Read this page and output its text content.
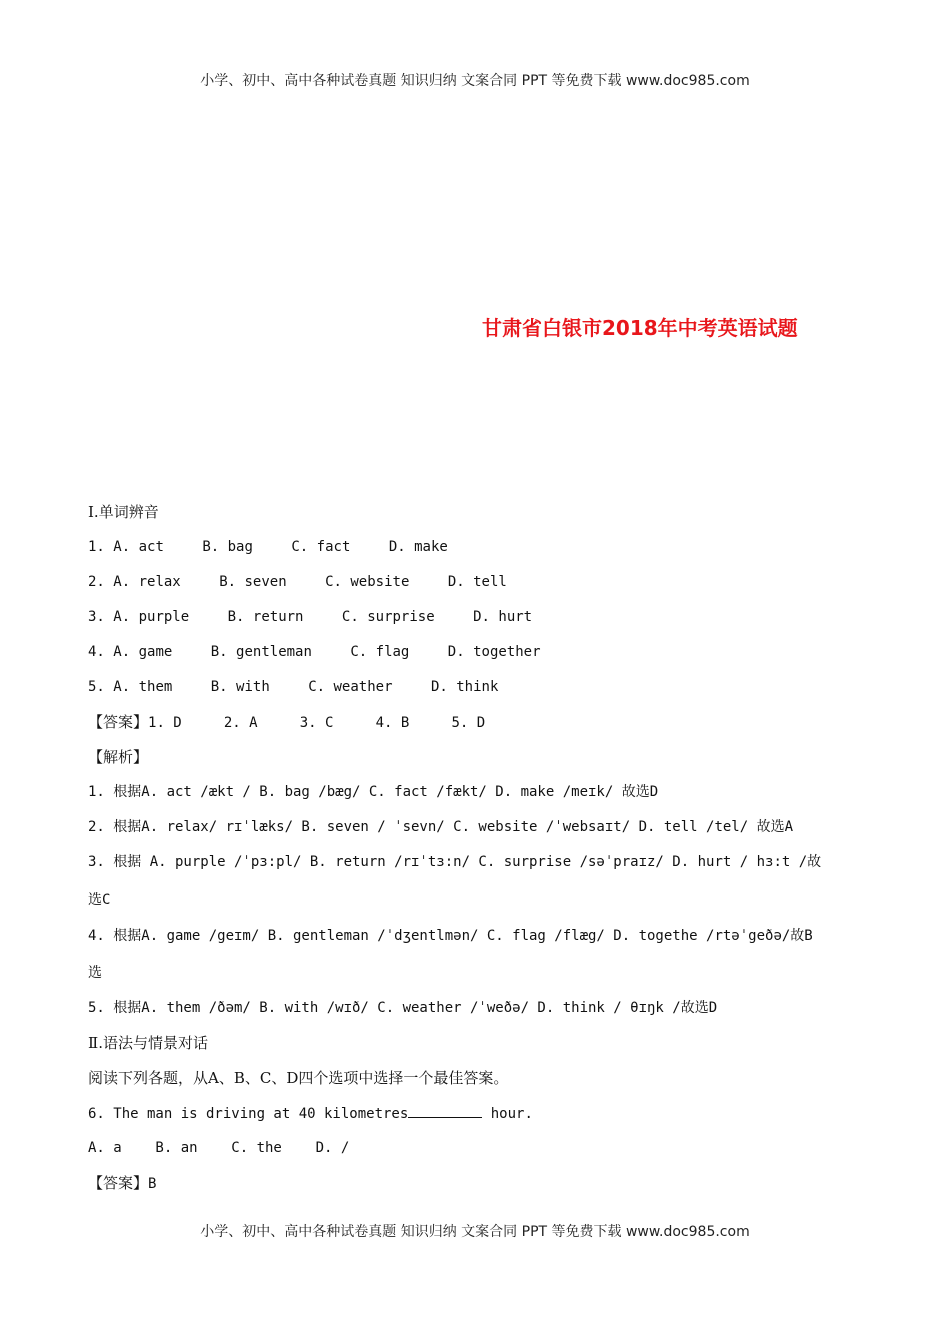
小学、初中、高中各种试卷真题 知识归纳 文案合同 PPT 等免费下载 www.doc985.com
甘肃省白银市2018年中考英语试题
I.单词辨音
1. A. act	B. bag	C. fact	D. make
2. A. relax	B. seven	C. website	D. tell
3. A. purple	B. return	C. surprise	D. hurt
4. A. game	B. gentleman	C. flag	D. together
5. A. them	B. with	C. weather	D. think
【答案】1. D     2. A     3. C     4. B     5. D
【解析】
1. 根据A. act /ækt / B. bag /bæg/ C. fact /fækt/ D. make /meɪk/ 故选D
2. 根据A. relax/ rɪˈlæks/ B. seven / ˈsevn/ C. website /ˈwebsaɪt/ D. tell /tel/ 故选A
3. 根据 A. purple /ˈpɜ:pl/ B. return /rɪˈtɜ:n/ C. surprise /səˈpraɪz/ D. hurt / hɜ:t /故
选C
4. 根据A. game /geɪm/ B. gentleman /ˈdʒentlmən/ C. flag /flæg/ D. togethe /rtəˈgeðə/故B
选
5. 根据A. them /ðəm/ B. with /wɪð/ C. weather /ˈweðə/ D. think / θɪŋk /故选D
Ⅱ.语法与情景对话
阅读下列各题，从A、B、C、D四个选项中选择一个最佳答案。
6. The man is driving at 40 kilometres	hour.
A. a    B. an    C. the    D. /
【答案】B
小学、初中、高中各种试卷真题 知识归纳 文案合同 PPT 等免费下载 www.doc985.com
